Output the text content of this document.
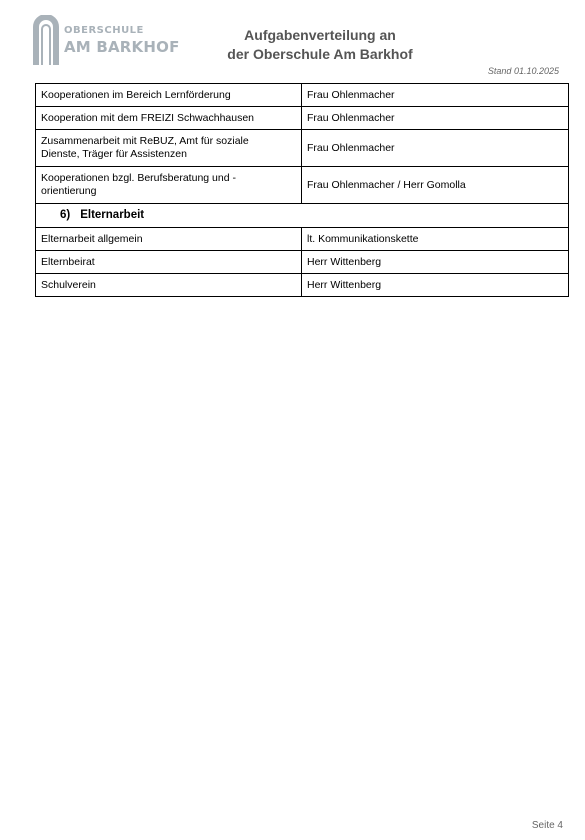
OBERSCHULE
AM BARKHOF
Aufgabenverteilung an
der Oberschule Am Barkhof
Stand 01.10.2025
Kooperationen im Bereich Lernförderung	Frau Ohlenmacher
Kooperation mit dem FREIZI Schwachhausen	Frau Ohlenmacher
Zusammenarbeit mit ReBUZ, Amt für soziale
Dienste, Träger für Assistenzen	Frau Ohlenmacher
Kooperationen bzgl. Berufsberatung und -
orientierung	Frau Ohlenmacher / Herr Gomolla
6) Elternarbeit	
Elternarbeit allgemein	lt. Kommunikationskette
Elternbeirat	Herr Wittenberg
Schulverein	Herr Wittenberg
Seite 4
